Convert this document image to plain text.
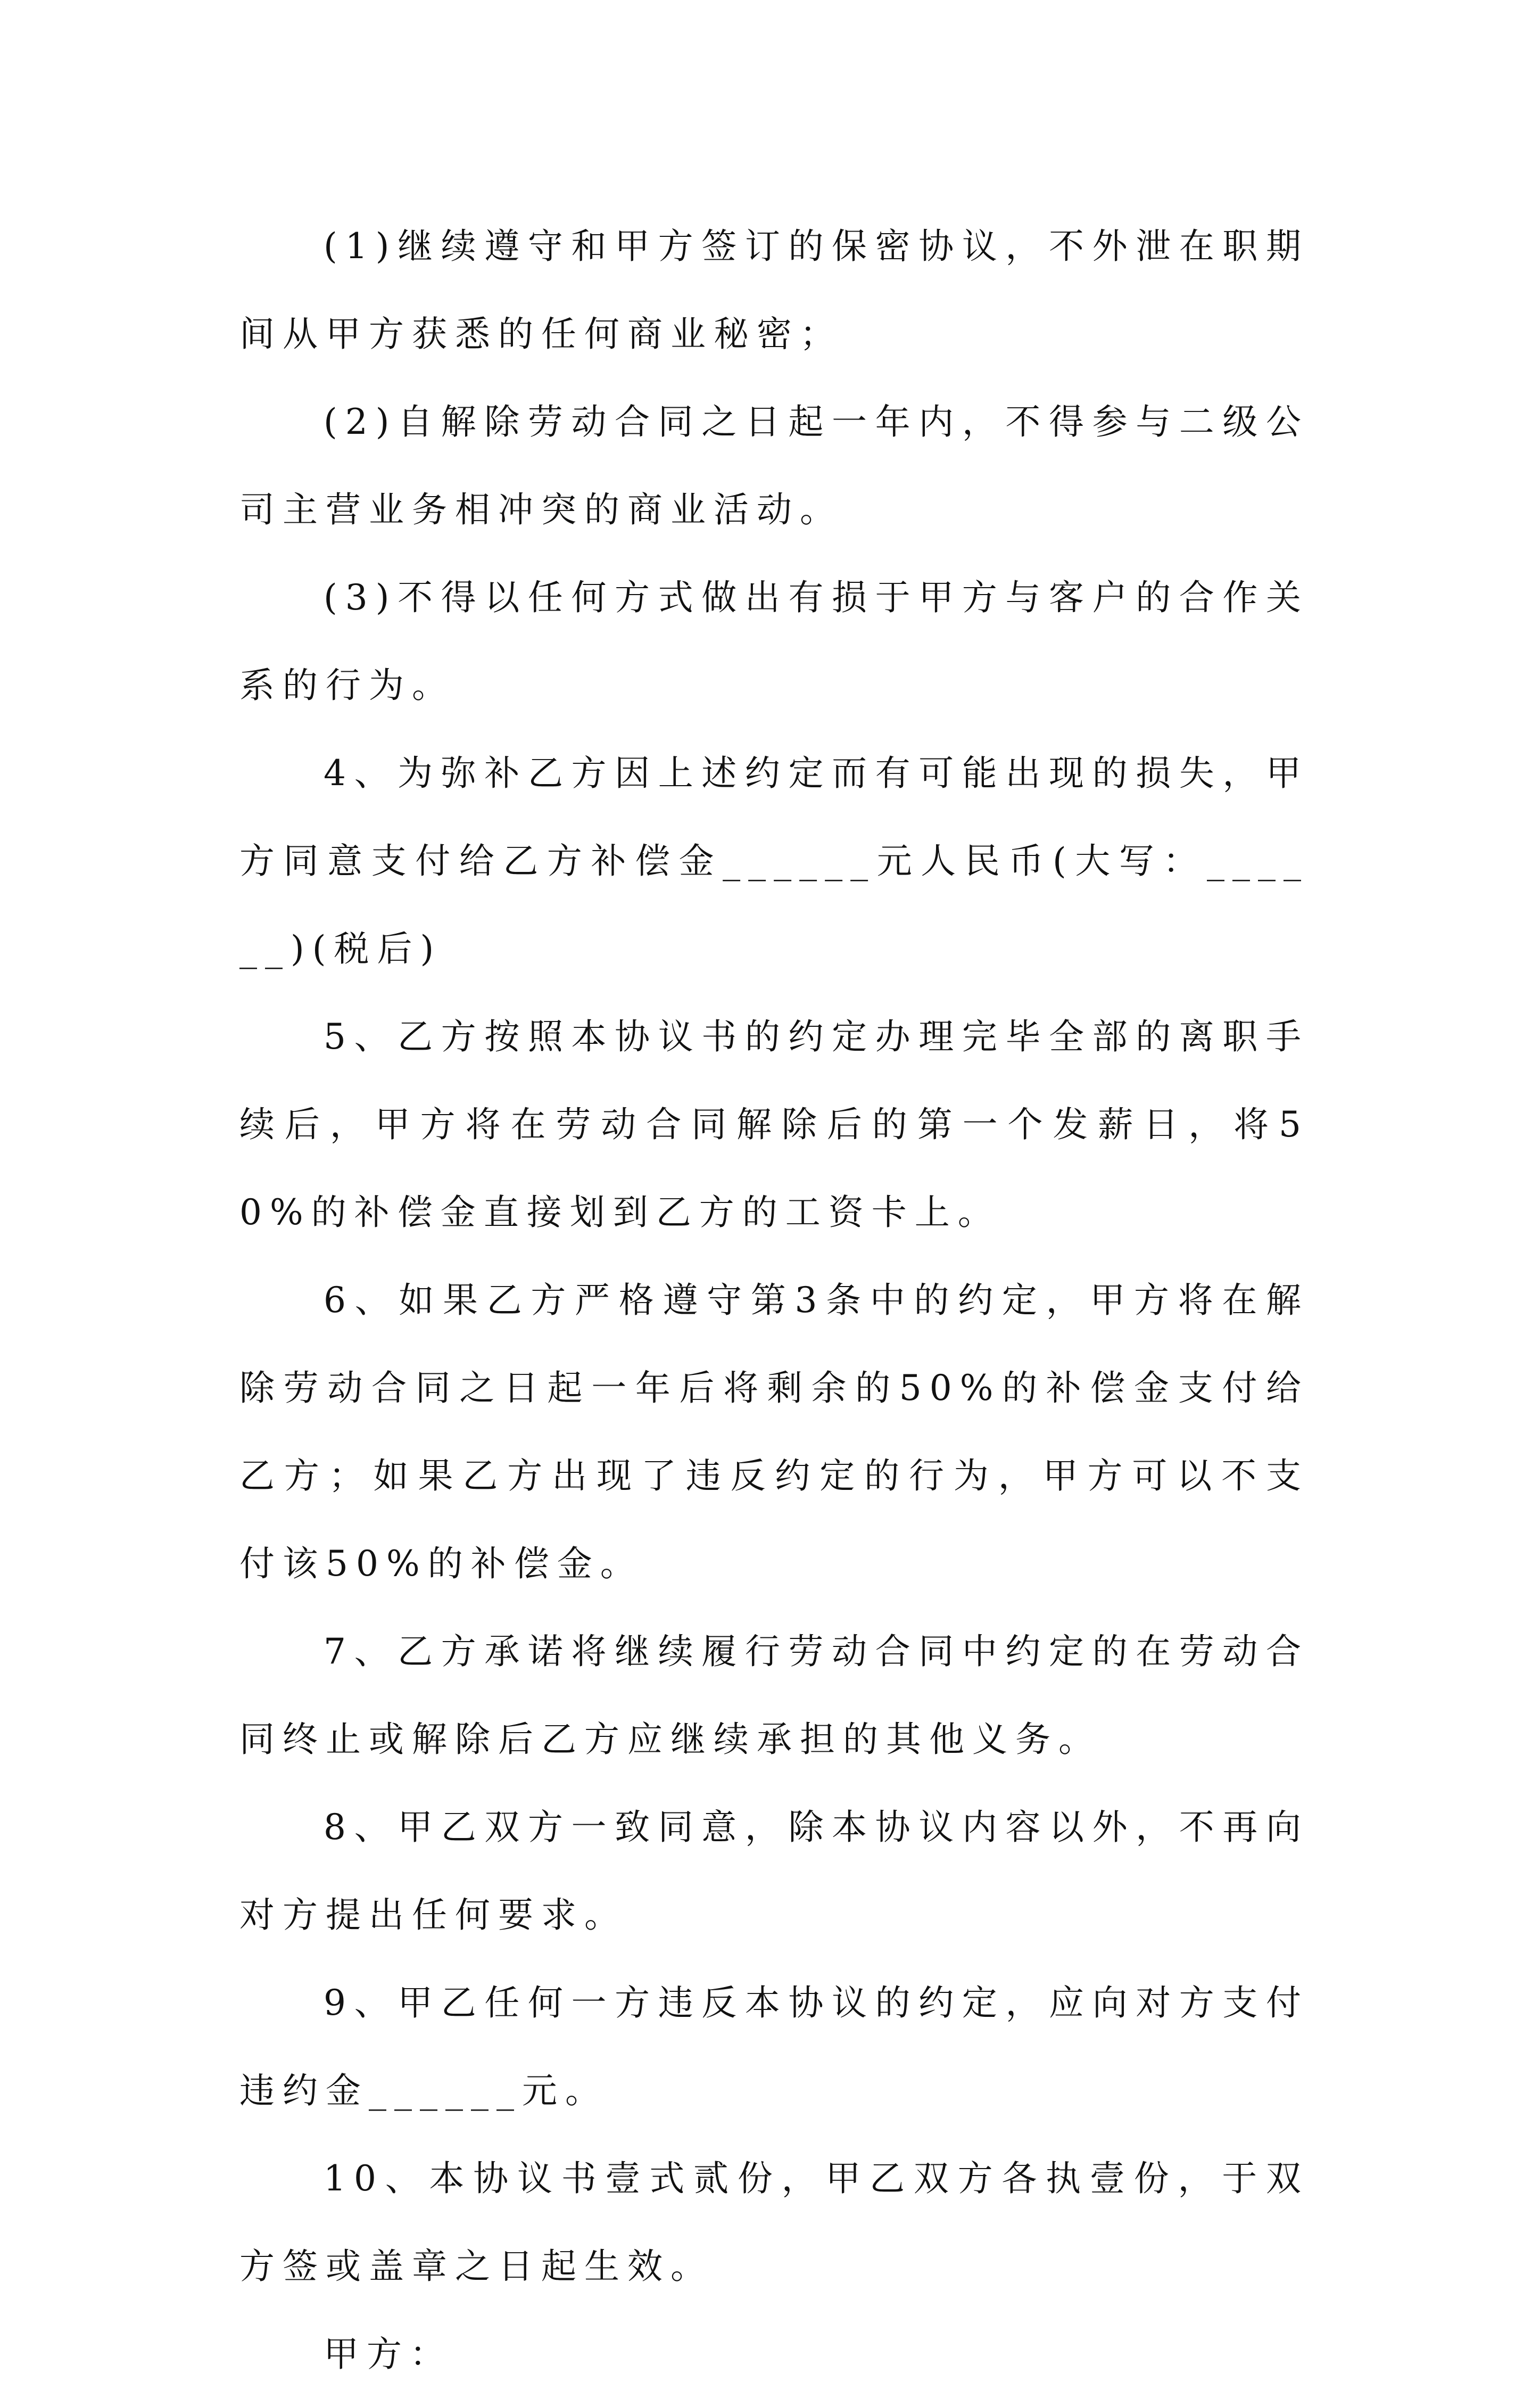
(1)继续遵守和甲方签订的保密协议，不外泄在职期间从甲方获悉的任何商业秘密；

(2)自解除劳动合同之日起一年内，不得参与二级公司主营业务相冲突的商业活动。

(3)不得以任何方式做出有损于甲方与客户的合作关系的行为。

4、为弥补乙方因上述约定而有可能出现的损失，甲方同意支付给乙方补偿金______元人民币(大写：______)(税后)

5、乙方按照本协议书的约定办理完毕全部的离职手续后，甲方将在劳动合同解除后的第一个发薪日，将50%的补偿金直接划到乙方的工资卡上。

6、如果乙方严格遵守第3条中的约定，甲方将在解除劳动合同之日起一年后将剩余的50%的补偿金支付给乙方；如果乙方出现了违反约定的行为，甲方可以不支付该50%的补偿金。

7、乙方承诺将继续履行劳动合同中约定的在劳动合同终止或解除后乙方应继续承担的其他义务。

8、甲乙双方一致同意，除本协议内容以外，不再向对方提出任何要求。

9、甲乙任何一方违反本协议的约定，应向对方支付违约金______元。

10、本协议书壹式贰份，甲乙双方各执壹份，于双方签或盖章之日起生效。

甲方：
